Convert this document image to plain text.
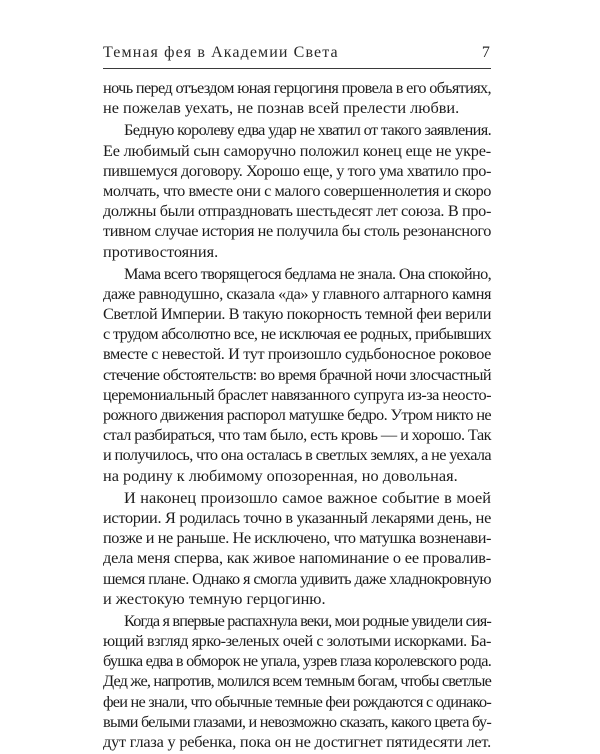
Темная фея в Академии Света	7

ночь перед отъездом юная герцогиня провела в его объятиях,
не пожелав уехать, не познав всей прелести любви.

Бедную королеву едва удар не хватил от такого заявления.
Ее любимый сын саморучно положил конец еще не укре-
пившемуся договору. Хорошо еще, у того ума хватило про-
молчать, что вместе они с малого совершеннолетия и скоро
должны были отпраздновать шестьдесят лет союза. В про-
тивном случае история не получила бы столь резонансного
противостояния.

Мама всего творящегося бедлама не знала. Она спокойно,
даже равнодушно, сказала «да» у главного алтарного камня
Светлой Империи. В такую покорность темной феи верили
с трудом абсолютно все, не исключая ее родных, прибывших
вместе с невестой. И тут произошло судьбоносное роковое
стечение обстоятельств: во время брачной ночи злосчастный
церемониальный браслет навязанного супруга из-за неосто-
рожного движения распорол матушке бедро. Утром никто не
стал разбираться, что там было, есть кровь — и хорошо. Так
и получилось, что она осталась в светлых землях, а не уехала
на родину к любимому опозоренная, но довольная.

И наконец произошло самое важное событие в моей
истории. Я родилась точно в указанный лекарями день, не
позже и не раньше. Не исключено, что матушка возненави-
дела меня сперва, как живое напоминание о ее провалив-
шемся плане. Однако я смогла удивить даже хладнокровную
и жестокую темную герцогиню.

Когда я впервые распахнула веки, мои родные увидели сия-
ющий взгляд ярко-зеленых очей с золотыми искорками. Ба-
бушка едва в обморок не упала, узрев глаза королевского рода.
Дед же, напротив, молился всем темным богам, чтобы светлые
феи не знали, что обычные темные феи рождаются с одинако-
выми белыми глазами, и невозможно сказать, какого цвета бу-
дут глаза у ребенка, пока он не достигнет пятидесяти лет.
